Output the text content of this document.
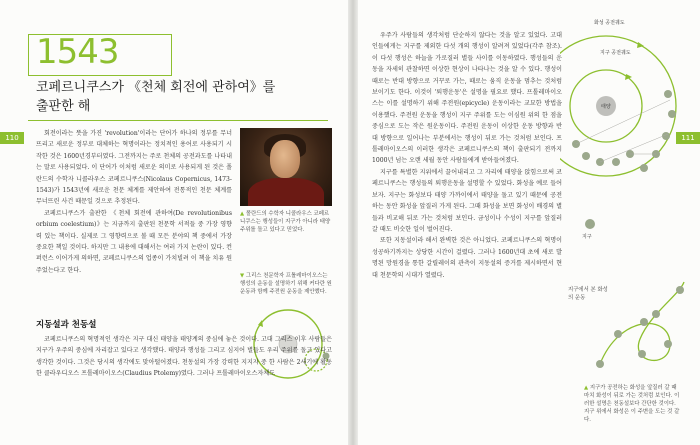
110	111
1543
코페르니쿠스가 《천체 회전에 관하여》를
출판한 해

회전이라는 뜻을 가진 'revolution'이라는 단어가 하나의 정부를 무너뜨리고 새로운 정부로 대체하는 혁명이라는 정치적인 용어로 사용되기 시작한 것은 1600년경부터였다. 그전까지는 주로 천체의 공전과도를 나타내는 말로 사용되었다. 이 단어가 이처럼 새로운 의미로 사용되게 된 것은 폴란드의 수학자 니콜라우스 코페르니쿠스(Nicolaus Copernicus, 1473-1543)가 1543년에 새로운 천문 체계를 제안하여 전통적인 천문 체계를 무너뜨린 사건 때문일 것으로 추정된다.

코페르니쿠스가 출판한 《천체 회전에 관하여(De revolutionibus orbium coelestium)》는 지금까지 출판된 천문학 서적들 중 가장 영향력 있는 책이다. 실제로 그 영향력으로 볼 때 모든 분야의 책 중에서 가장 중요한 책일 것이다. 하지만 그 내용에 대해서는 여러 가지 논란이 있다. 컨퍼런스 이어가게 의하면, 코페르니쿠스의 업종이 가치빌려 이 책을 치유 원주었는다고 한다.

▲ 폴란드의 수학자 니콜라우스 코페르니쿠스는 행성들이 지구가 아니라 태양 주위를 돌고 있다고 믿었다.
▼ 그리스 천문학자 프톨레마이오스는 행성의 운동을 설명하기 위해 커다란 원운동과 함께 주전원 운동을 제안했다.
지동설과 천동설

코페르니쿠스의 혁명적인 생각은 지구 대신 태양을 태양계의 중심에 놓은 것이다. 고대 그리스 이후 사람들은 지구가 우주의 중심에 자리잡고 있다고 생각했다. 태양과 행성들 그리고 심지어 별들도 우리 주위를 돌고 있다고 생각한 것이다. 그것은 당시의 생각에도 맞아떨어졌다. 천동설의 가장 강력한 지지자 중 한 사람은 2세기에 활동한 클라우디오스 프톨레마이오스(Claudius Ptolemy)였다. 그러나 프톨레마이오스자체도

우주가 사람들의 생각처럼 단순하지 않다는 것을 알고 있었다. 고대인들에게는 지구를 제외한 다섯 개의 행성이 알려져 있었다(각주 참조). 이 다섯 행성은 하늘을 가로질러 별들 사이를 이동하였다. 행성들의 운동을 자세히 관찰하면 이상한 현상이 나타나는 것을 알 수 있다. 행성이 때로는 반대 방향으로 거꾸로 가는, 때로는 움직 운동을 멈추는 것처럼 보이기도 한다. 이것이 '퇴행운동'은 설명을 필요로 했다. 프톨레마이오스는 이를 설명하기 위해 주전원(epicycle) 운동이라는 교묘한 방법을 이용했다. 주전원 운동을 행성이 지구 주위를 도는 이심원 위의 한 점을 중심으로 도는 작은 원운동이다. 주전원 운동이 이상한 운동 방향과 반대 방향으로 일어나는 부분에서는 행성이 뒤로 가는 것처럼 보인다. 프톨레마이오스의 이러한 생각은 코페르니쿠스의 책이 출판되기 전까지 1000년 넘는 오랜 세월 동안 사람들에게 받아들여졌다.

지구를 특별한 지위에서 끌어내리고 그 자리에 태양을 앉힘으로써 코페르니쿠스는 행성들의 퇴행운동을 설명할 수 있었다. 화성을 예로 들어보자. 지구는 화성보다 태양 가까이에서 태양을 돌고 있기 때문에 공전하는 동안 화성을 앞질러 가게 된다. 그때 화성을 보면 화성이 배경의 별들과 비교해 뒤로 가는 것처럼 보인다. 금성이나 수성이 지구를 앞질러 갈 때도 비슷한 일이 벌어진다.

또한 지동설이라 해서 완벽한 것은 아니었다. 코페르니쿠스의 혁명이 성공하기까지는 상당한 시간이 걸렸다. 그러나 1600년대 초에 새로 발명된 망원경을 통한 갈릴레이의 관측이 지동설의 증거를 제시하면서 현대 천문학의 시대가 열렸다.

화성 공전궤도
지구 공전궤도
태양
지구
지구에서 본 화성의 운동
▲ 지구가 공전하는 화성을 앞질러 갈 때 마치 화성이 뒤로 가는 것처럼 보인다. 이러한 설명은 천동설보다 간단한 것이다. 지구 위에서 화성은 이 주변을 도는 것 같다.
